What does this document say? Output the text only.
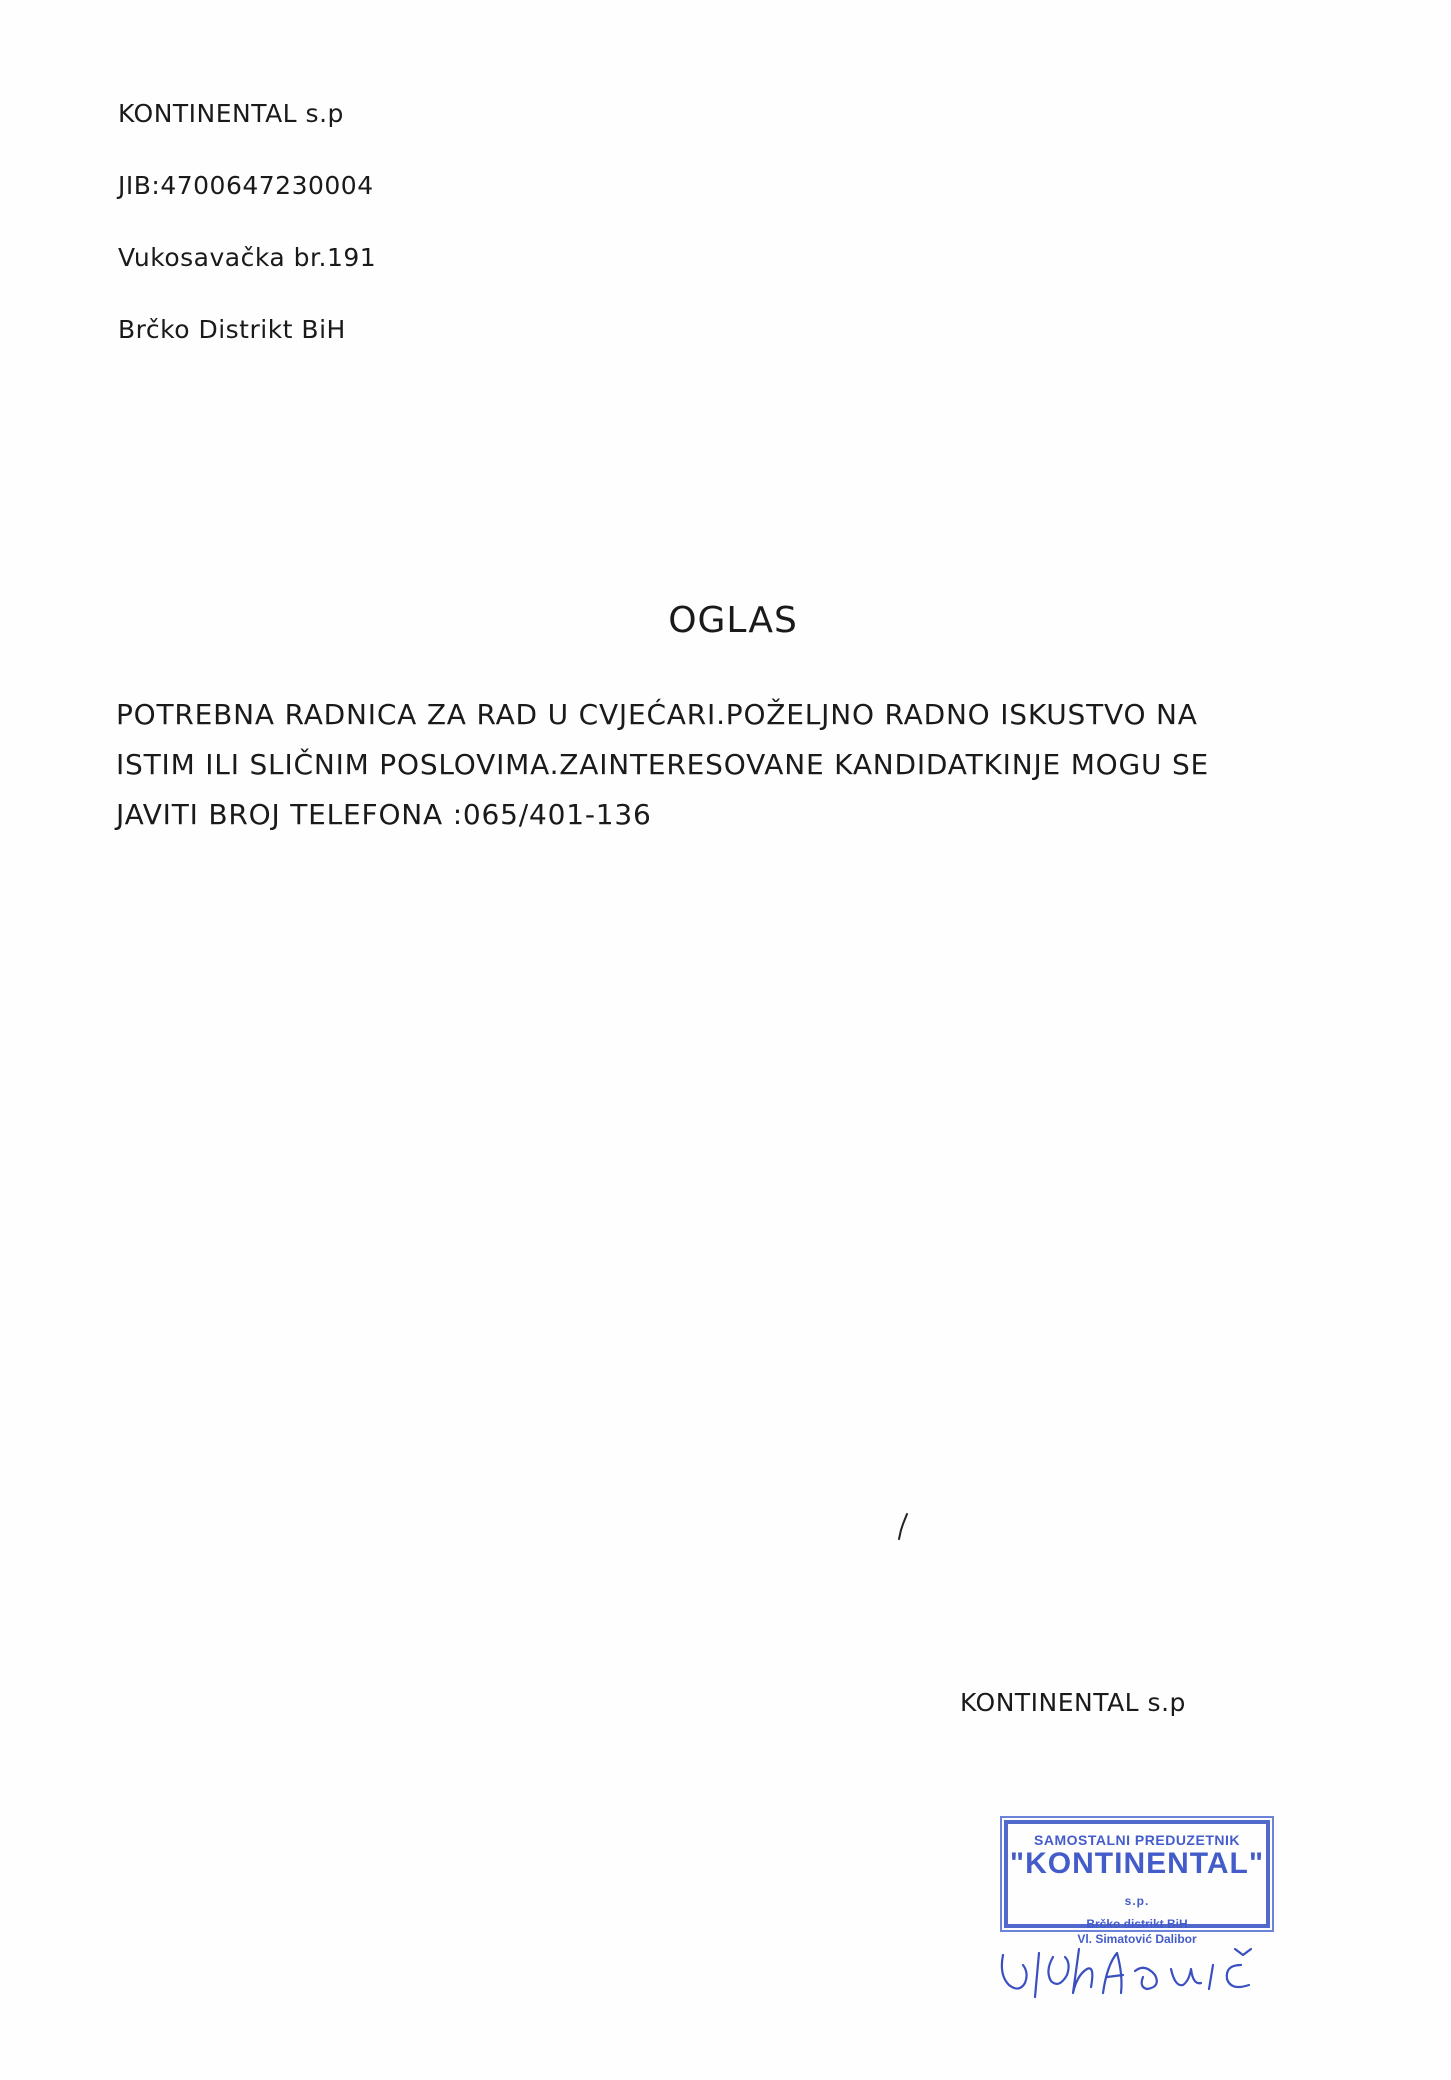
KONTINENTAL s.p
JIB:4700647230004
Vukosavačka br.191
Brčko Distrikt BiH
OGLAS
POTREBNA RADNICA ZA RAD U CVJEĆARI.POŽELJNO RADNO ISKUSTVO NA
ISTIM ILI SLIČNIM POSLOVIMA.ZAINTERESOVANE KANDIDATKINJE MOGU SE
JAVITI BROJ TELEFONA :065/401-136
KONTINENTAL s.p
SAMOSTALNI PREDUZETNIK
"KONTINENTAL" s.p.
Brčko distrikt BiH
Vl. Simatović Dalibor
